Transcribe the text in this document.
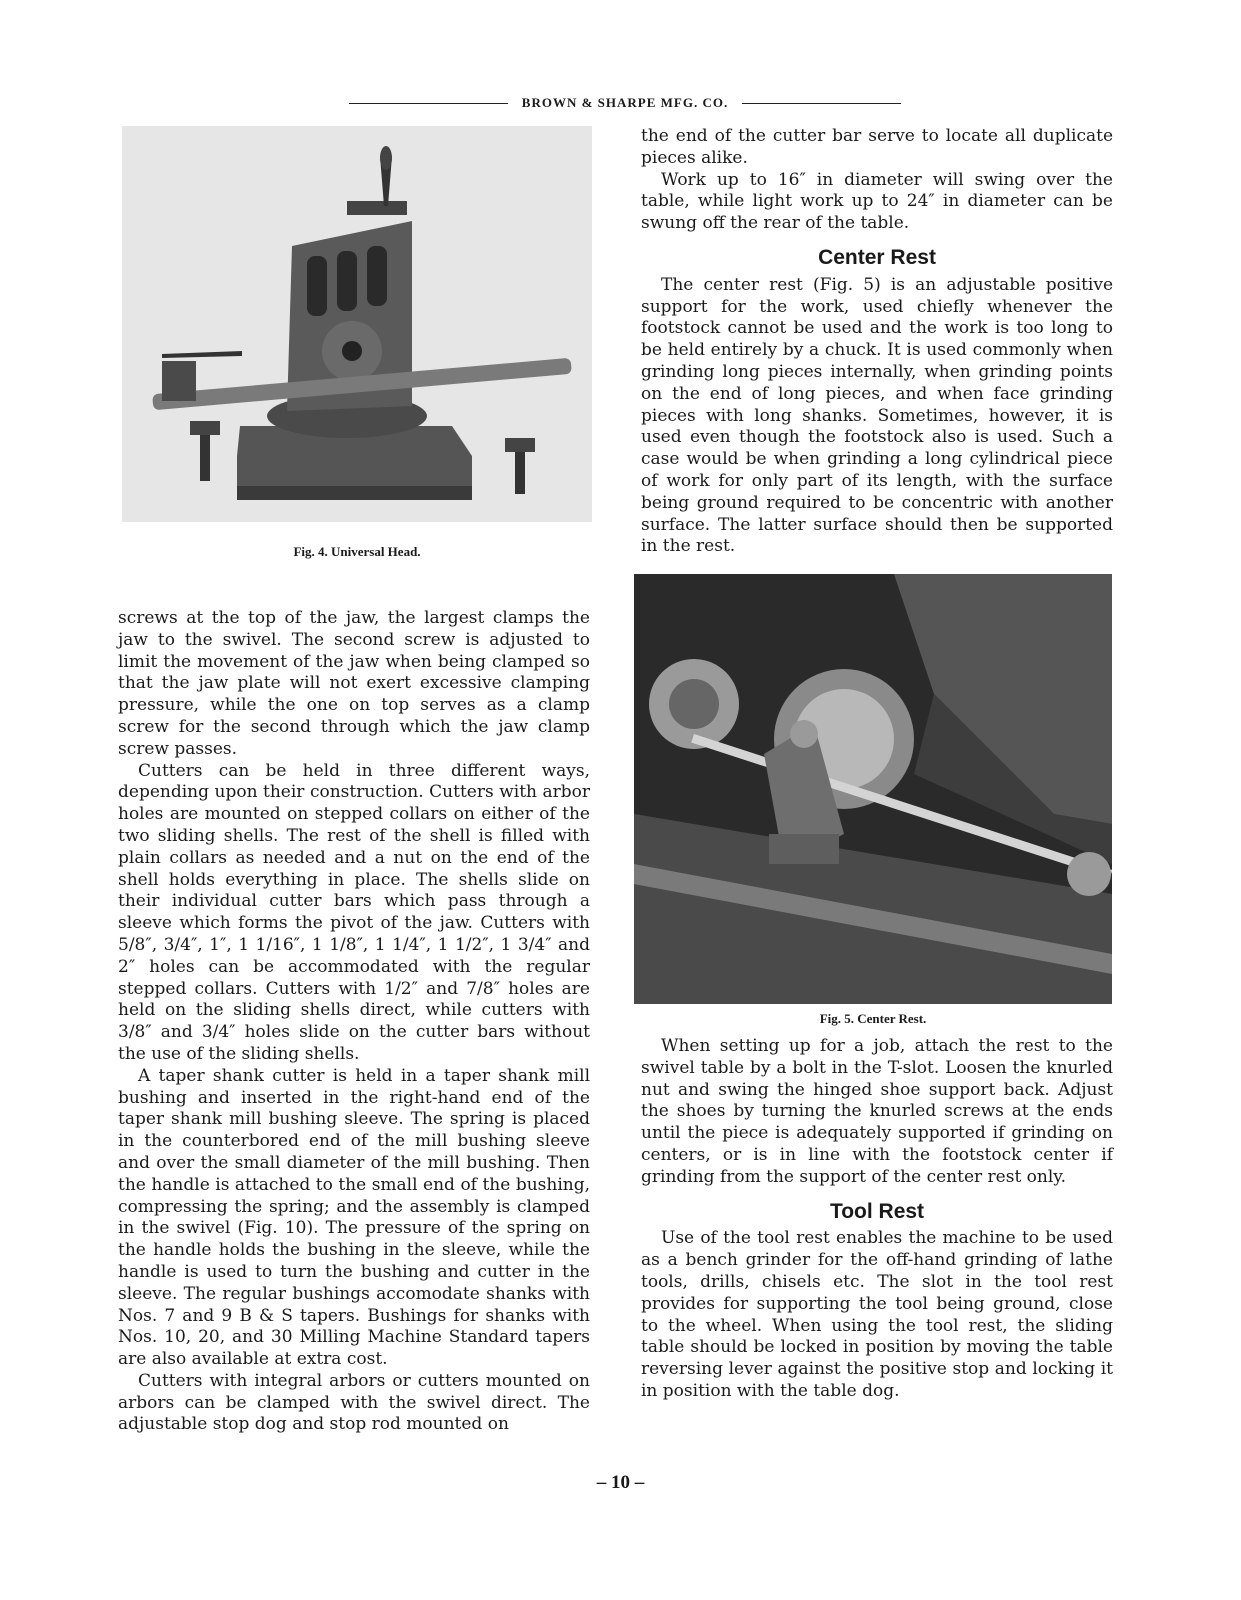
BROWN & SHARPE MFG. CO.
Fig. 4. Universal Head.

screws at the top of the jaw, the largest clamps the jaw to the swivel. The second screw is adjusted to limit the movement of the jaw when being clamped so that the jaw plate will not exert excessive clamping pressure, while the one on top serves as a clamp screw for the second through which the jaw clamp screw passes.

Cutters can be held in three different ways, depending upon their construction. Cutters with arbor holes are mounted on stepped collars on either of the two sliding shells. The rest of the shell is filled with plain collars as needed and a nut on the end of the shell holds everything in place. The shells slide on their individual cutter bars which pass through a sleeve which forms the pivot of the jaw. Cutters with 5/8″, 3/4″, 1″, 1 1/16″, 1 1/8″, 1 1/4″, 1 1/2″, 1 3/4″ and 2″ holes can be accommodated with the regular stepped collars. Cutters with 1/2″ and 7/8″ holes are held on the sliding shells direct, while cutters with 3/8″ and 3/4″ holes slide on the cutter bars without the use of the sliding shells.

A taper shank cutter is held in a taper shank mill bushing and inserted in the right-hand end of the taper shank mill bushing sleeve. The spring is placed in the counterbored end of the mill bushing sleeve and over the small diameter of the mill bushing. Then the handle is attached to the small end of the bushing, compressing the spring; and the assembly is clamped in the swivel (Fig. 10). The pressure of the spring on the handle holds the bushing in the sleeve, while the handle is used to turn the bushing and cutter in the sleeve. The regular bushings accomodate shanks with Nos. 7 and 9 B & S tapers. Bushings for shanks with Nos. 10, 20, and 30 Milling Machine Standard tapers are also available at extra cost.

Cutters with integral arbors or cutters mounted on arbors can be clamped with the swivel direct. The adjustable stop dog and stop rod mounted on

the end of the cutter bar serve to locate all duplicate pieces alike.

Work up to 16″ in diameter will swing over the table, while light work up to 24″ in diameter can be swung off the rear of the table.

Center Rest

The center rest (Fig. 5) is an adjustable positive support for the work, used chiefly whenever the footstock cannot be used and the work is too long to be held entirely by a chuck. It is used commonly when grinding long pieces internally, when grinding points on the end of long pieces, and when face grinding pieces with long shanks. Sometimes, however, it is used even though the footstock also is used. Such a case would be when grinding a long cylindrical piece of work for only part of its length, with the surface being ground required to be concentric with another surface. The latter surface should then be supported in the rest.

Fig. 5. Center Rest.

When setting up for a job, attach the rest to the swivel table by a bolt in the T-slot. Loosen the knurled nut and swing the hinged shoe support back. Adjust the shoes by turning the knurled screws at the ends until the piece is adequately supported if grinding on centers, or is in line with the footstock center if grinding from the support of the center rest only.

Tool Rest

Use of the tool rest enables the machine to be used as a bench grinder for the off-hand grinding of lathe tools, drills, chisels etc. The slot in the tool rest provides for supporting the tool being ground, close to the wheel. When using the tool rest, the sliding table should be locked in position by moving the table reversing lever against the positive stop and locking it in position with the table dog.

– 10 –
